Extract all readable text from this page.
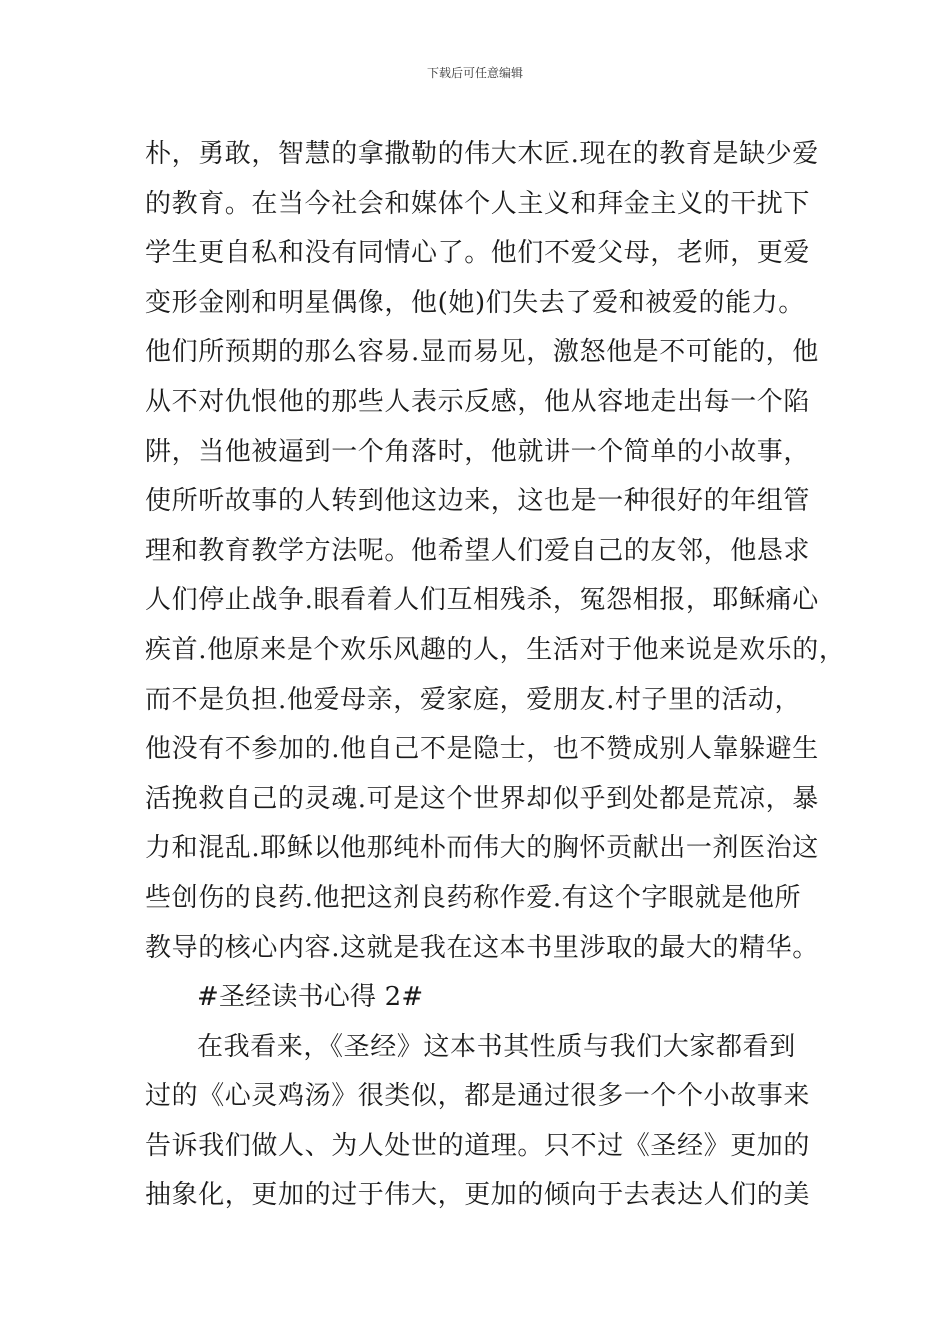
下载后可任意编辑
朴，勇敢，智慧的拿撒勒的伟大木匠.现在的教育是缺少爱
的教育。在当今社会和媒体个人主义和拜金主义的干扰下
学生更自私和没有同情心了。他们不爱父母，老师，更爱
变形金刚和明星偶像，他(她)们失去了爱和被爱的能力。
他们所预期的那么容易.显而易见，激怒他是不可能的，他
从不对仇恨他的那些人表示反感，他从容地走出每一个陷
阱，当他被逼到一个角落时，他就讲一个简单的小故事，
使所听故事的人转到他这边来，这也是一种很好的年组管
理和教育教学方法呢。他希望人们爱自己的友邻，他恳求
人们停止战争.眼看着人们互相残杀，冤怨相报，耶稣痛心
疾首.他原来是个欢乐风趣的人，生活对于他来说是欢乐的，
而不是负担.他爱母亲，爱家庭，爱朋友.村子里的活动，
他没有不参加的.他自己不是隐士，也不赞成别人靠躲避生
活挽救自己的灵魂.可是这个世界却似乎到处都是荒凉，暴
力和混乱.耶稣以他那纯朴而伟大的胸怀贡献出一剂医治这
些创伤的良药.他把这剂良药称作爱.有这个字眼就是他所
教导的核心内容.这就是我在这本书里涉取的最大的精华。
#圣经读书心得 2#
在我看来，《圣经》这本书其性质与我们大家都看到
过的《心灵鸡汤》很类似，都是通过很多一个个小故事来
告诉我们做人、为人处世的道理。只不过《圣经》更加的
抽象化，更加的过于伟大，更加的倾向于去表达人们的美
